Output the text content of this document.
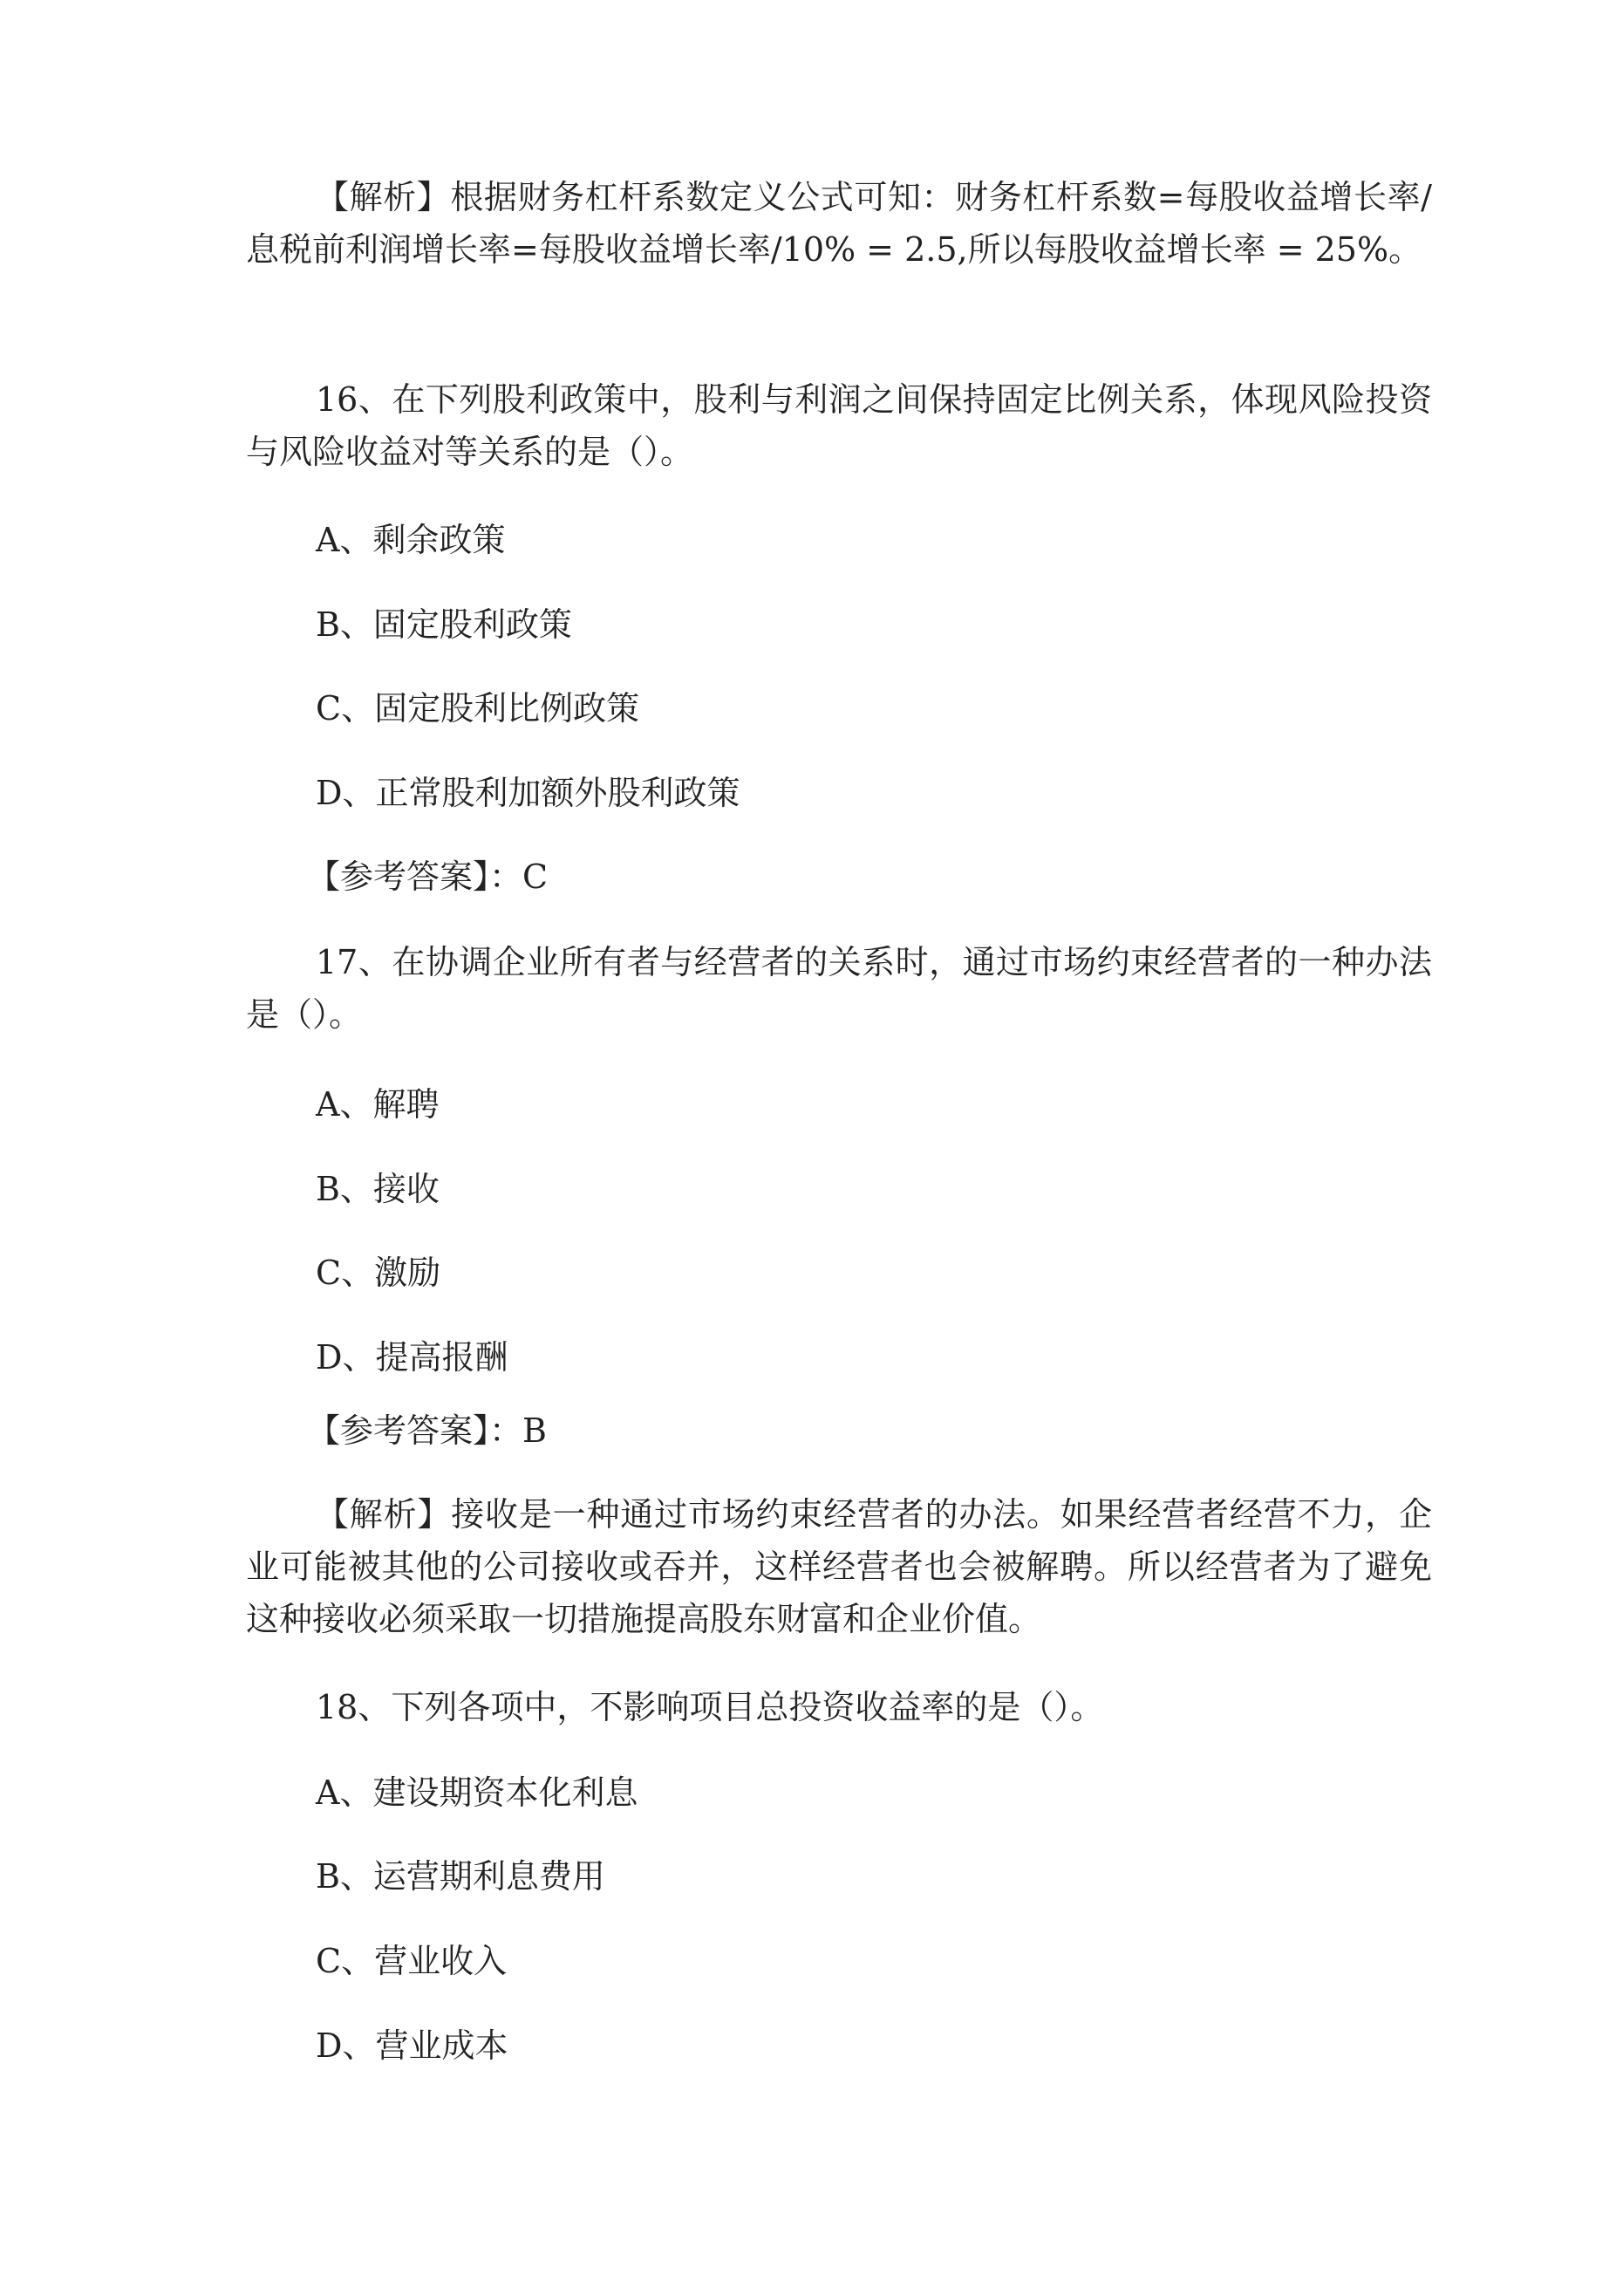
【解析】根据财务杠杆系数定义公式可知：财务杠杆系数=每股收益增长率/息税前利润增长率=每股收益增长率/10% = 2.5,所以每股收益增长率 = 25%。

16、在下列股利政策中，股利与利润之间保持固定比例关系，体现风险投资与风险收益对等关系的是（）。

A、剩余政策

B、固定股利政策

C、固定股利比例政策

D、正常股利加额外股利政策

【参考答案】：C

17、在协调企业所有者与经营者的关系时，通过市场约束经营者的一种办法是（）。

A、解聘

B、接收

C、激励

D、提高报酬

【参考答案】：B

【解析】接收是一种通过市场约束经营者的办法。如果经营者经营不力，企业可能被其他的公司接收或吞并，这样经营者也会被解聘。所以经营者为了避免这种接收必须采取一切措施提高股东财富和企业价值。

18、下列各项中，不影响项目总投资收益率的是（）。

A、建设期资本化利息

B、运营期利息费用

C、营业收入

D、营业成本
